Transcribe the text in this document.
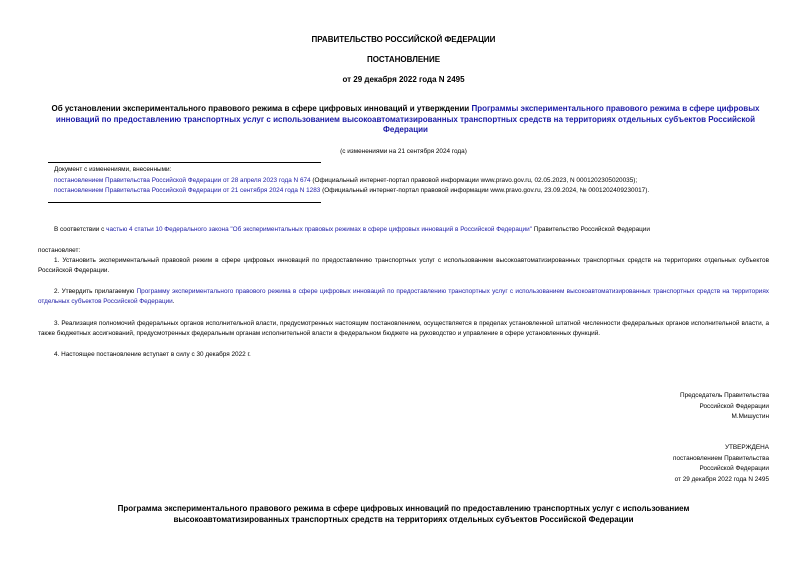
ПРАВИТЕЛЬСТВО РОССИЙСКОЙ ФЕДЕРАЦИИ
ПОСТАНОВЛЕНИЕ
от 29 декабря 2022 года N 2495
Об установлении экспериментального правового режима в сфере цифровых инноваций и утверждении Программы экспериментального правового режима в сфере цифровых инноваций по предоставлению транспортных услуг с использованием высокоавтоматизированных транспортных средств на территориях отдельных субъектов Российской Федерации
(с изменениями на 21 сентября 2024 года)
Документ с изменениями, внесенными:
постановлением Правительства Российской Федерации от 28 апреля 2023 года N 674 (Официальный интернет-портал правовой информации www.pravo.gov.ru, 02.05.2023, N 0001202305020035);
постановлением Правительства Российской Федерации от 21 сентября 2024 года N 1283 (Официальный интернет-портал правовой информации www.pravo.gov.ru, 23.09.2024, № 0001202409230017).
В соответствии с частью 4 статьи 10 Федерального закона "Об экспериментальных правовых режимах в сфере цифровых инноваций в Российской Федерации" Правительство Российской Федерации
постановляет:
1. Установить экспериментальный правовой режим в сфере цифровых инноваций по предоставлению транспортных услуг с использованием высокоавтоматизированных транспортных средств на территориях отдельных субъектов Российской Федерации.
2. Утвердить прилагаемую Программу экспериментального правового режима в сфере цифровых инноваций по предоставлению транспортных услуг с использованием высокоавтоматизированных транспортных средств на территориях отдельных субъектов Российской Федерации.
3. Реализация полномочий федеральных органов исполнительной власти, предусмотренных настоящим постановлением, осуществляется в пределах установленной штатной численности федеральных органов исполнительной власти, а также бюджетных ассигнований, предусмотренных федеральным органам исполнительной власти в федеральном бюджете на руководство и управление в сфере установленных функций.
4. Настоящее постановление вступает в силу с 30 декабря 2022 г.
Председатель Правительства
Российской Федерации
М.Мишустин
УТВЕРЖДЕНА
постановлением Правительства
Российской Федерации
от 29 декабря 2022 года N 2495
Программа экспериментального правового режима в сфере цифровых инноваций по предоставлению транспортных услуг с использованием высокоавтоматизированных транспортных средств на территориях отдельных субъектов Российской Федерации
